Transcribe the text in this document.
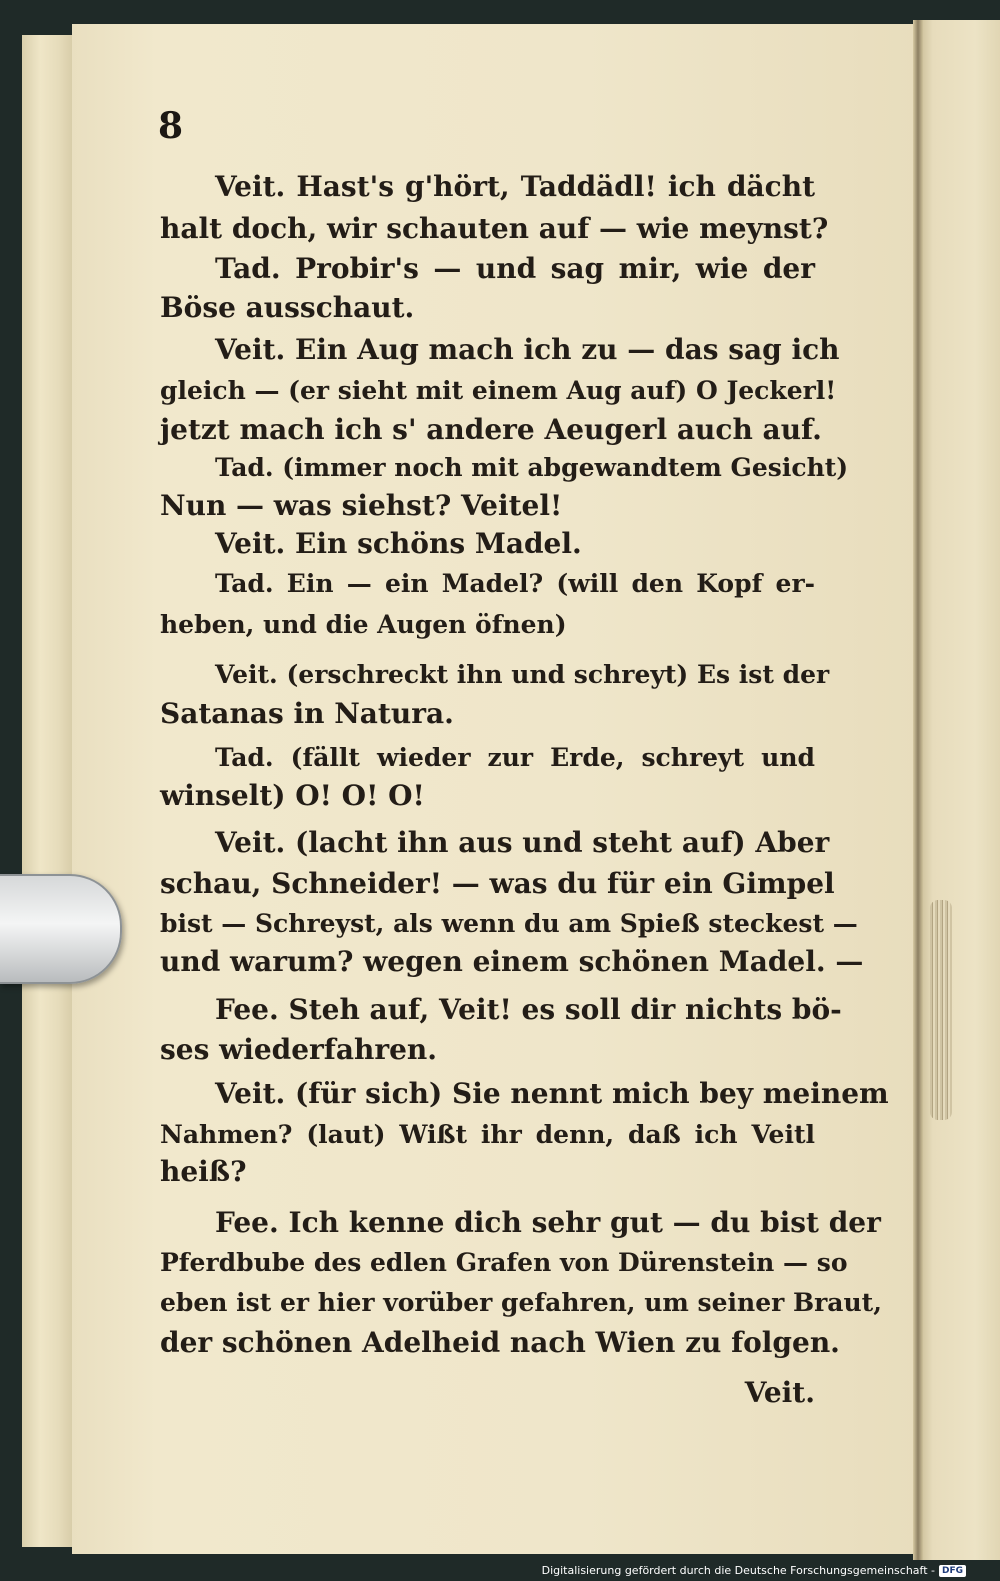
8
Veit. Hast's g'hört, Taddädl! ich dächt
halt doch, wir schauten auf — wie meynst?
Tad. Probir's — und sag mir, wie der
Böse ausschaut.
Veit. Ein Aug mach ich zu — das sag ich
gleich — (er sieht mit einem Aug auf) O Jeckerl!
jetzt mach ich s' andere Aeugerl auch auf.
Tad. (immer noch mit abgewandtem Gesicht)
Nun — was siehst? Veitel!
Veit. Ein schöns Madel.
Tad. Ein — ein Madel? (will den Kopf er-
heben, und die Augen öfnen)
Veit. (erschreckt ihn und schreyt) Es ist der
Satanas in Natura.
Tad. (fällt wieder zur Erde, schreyt und
winselt) O! O! O!
Veit. (lacht ihn aus und steht auf) Aber
schau, Schneider! — was du für ein Gimpel
bist — Schreyst, als wenn du am Spieß steckest —
und warum? wegen einem schönen Madel. —
Fee. Steh auf, Veit! es soll dir nichts bö-
ses wiederfahren.
Veit. (für sich) Sie nennt mich bey meinem
Nahmen? (laut) Wißt ihr denn, daß ich Veitl
heiß?
Fee. Ich kenne dich sehr gut — du bist der
Pferdbube des edlen Grafen von Dürenstein — so
eben ist er hier vorüber gefahren, um seiner Braut,
der schönen Adelheid nach Wien zu folgen.
Veit.
Digitalisierung gefördert durch die Deutsche Forschungsgemeinschaft - DFG
